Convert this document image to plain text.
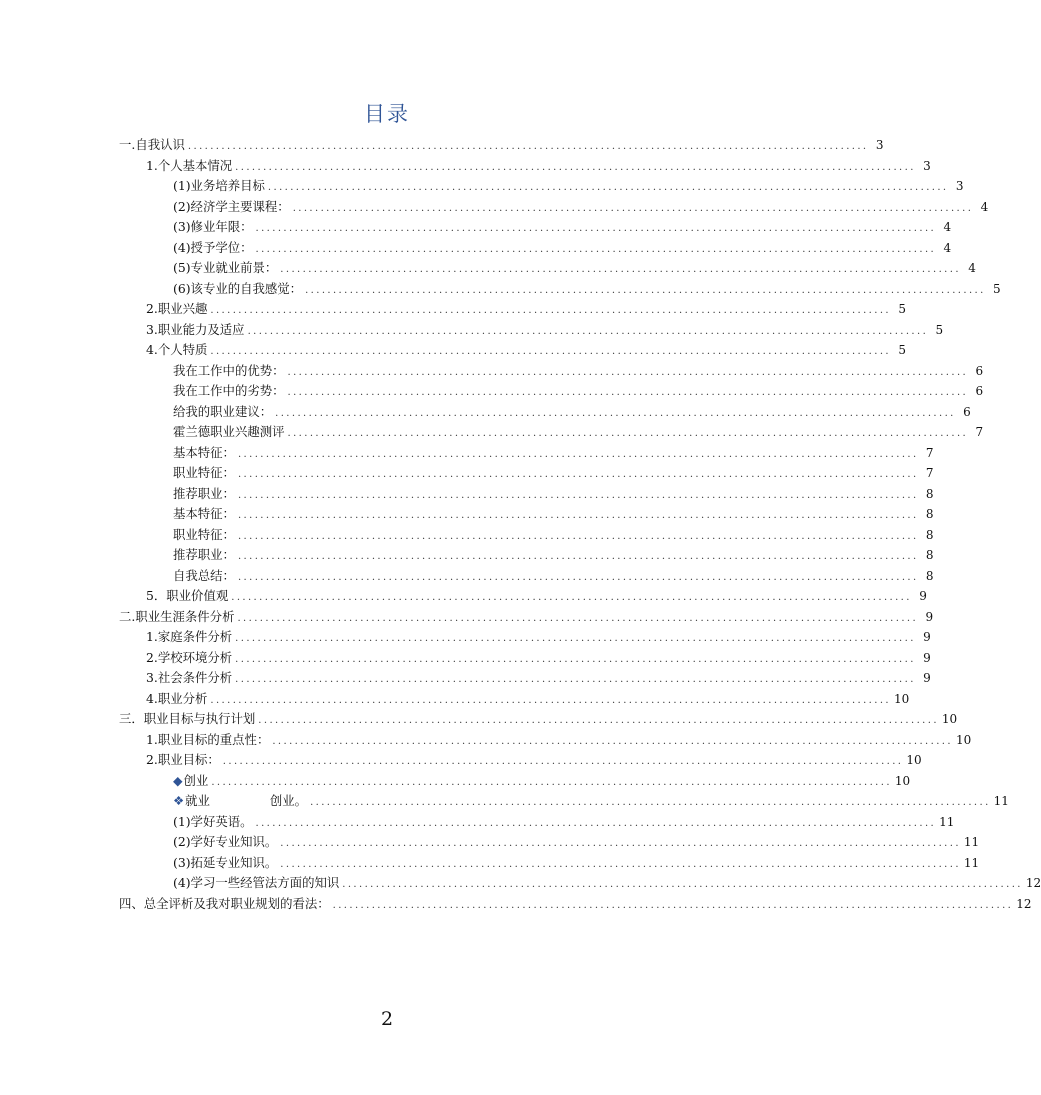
目录
一.自我认识 .......................................................................................................................... 3
1.个人基本情况 .......................................................................................................................... 3
(1)业务培养目标 .......................................................................................................................... 3
(2)经济学主要课程： .......................................................................................................................... 4
(3)修业年限： .......................................................................................................................... 4
(4)授予学位： .......................................................................................................................... 4
(5)专业就业前景： .......................................................................................................................... 4
(6)该专业的自我感觉： .......................................................................................................................... 5
2.职业兴趣 .......................................................................................................................... 5
3.职业能力及适应 .......................................................................................................................... 5
4.个人特质 .......................................................................................................................... 5
我在工作中的优势： .......................................................................................................................... 6
我在工作中的劣势： .......................................................................................................................... 6
给我的职业建议： .......................................................................................................................... 6
霍兰德职业兴趣测评 .......................................................................................................................... 7
基本特征： .......................................................................................................................... 7
职业特征： .......................................................................................................................... 7
推荐职业： .......................................................................................................................... 8
基本特征： .......................................................................................................................... 8
职业特征： .......................................................................................................................... 8
推荐职业： .......................................................................................................................... 8
自我总结： .......................................................................................................................... 8
5．职业价值观 .......................................................................................................................... 9
二.职业生涯条件分析 .......................................................................................................................... 9
1.家庭条件分析 .......................................................................................................................... 9
2.学校环境分析 .......................................................................................................................... 9
3.社会条件分析 .......................................................................................................................... 9
4.职业分析 .......................................................................................................................... 10
三．职业目标与执行计划 .......................................................................................................................... 10
1.职业目标的重点性： .......................................................................................................................... 10
2.职业目标： .......................................................................................................................... 10
◆创业 .......................................................................................................................... 10
❖就业	创业。 .......................................................................................................................... 11
(1)学好英语。 .......................................................................................................................... 11
(2)学好专业知识。 .......................................................................................................................... 11
(3)拓延专业知识。 .......................................................................................................................... 11
(4)学习一些经管法方面的知识 .......................................................................................................................... 12
四、总全评析及我对职业规划的看法： .......................................................................................................................... 12
2
